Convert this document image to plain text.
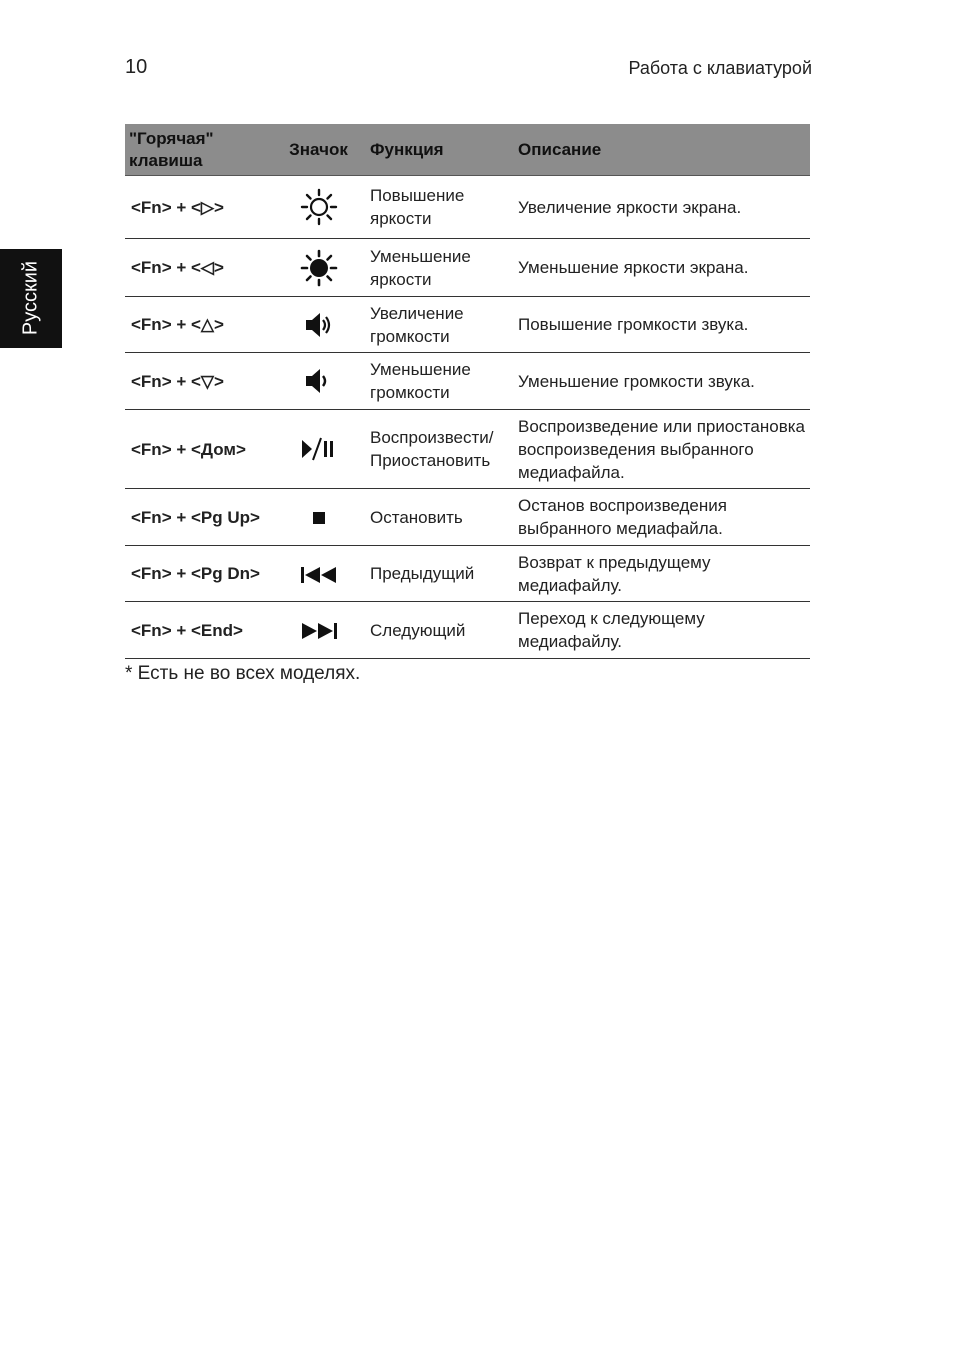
10	Работа с клавиатурой
Русский
"Горячая" клавиша	Значок	Функция	Описание
<Fn> + <▷>		Повышение яркости	Увеличение яркости экрана.
<Fn> + <◁>		Уменьшение яркости	Уменьшение яркости экрана.
<Fn> + <△>		Увеличение громкости	Повышение громкости звука.
<Fn> + <▽>		Уменьшение громкости	Уменьшение громкости звука.
<Fn> + <Дом>		Воспроизвести/ Приостановить	Воспроизведение или приостановка воспроизведения выбранного медиафайла.
<Fn> + <Pg Up>		Остановить	Останов воспроизведения выбранного медиафайла.
<Fn> + <Pg Dn>		Предыдущий	Возврат к предыдущему медиафайлу.
<Fn> + <End>		Следующий	Переход к следующему медиафайлу.
* Есть не во всех моделях.
